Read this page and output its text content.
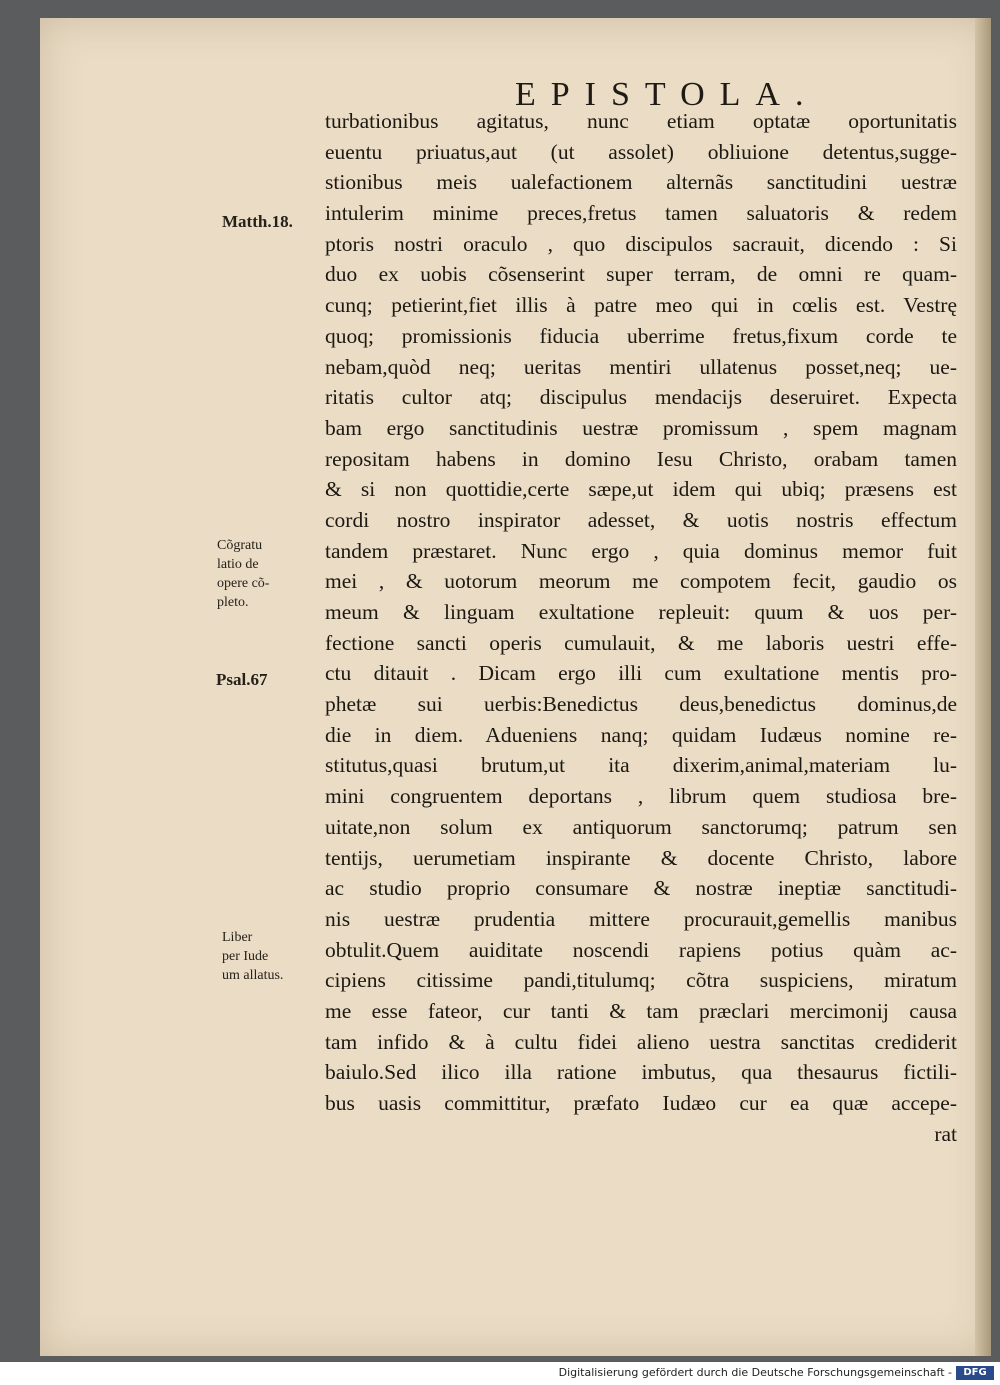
EPISTOLA.
turbationibus agitatus, nunc etiam optatæ oportunitatis
euentu priuatus,aut (ut assolet) obliuione detentus,sugge-
stionibus meis ualefactionem alternãs sanctitudini uestræ
intulerim minime preces,fretus tamen saluatoris & redem
ptoris nostri oraculo , quo discipulos sacrauit, dicendo : Si
duo ex uobis cõsenserint super terram, de omni re quam-
cunq; petierint,fiet illis à patre meo qui in cœlis est. Vestrę
quoq; promissionis fiducia uberrime fretus,fixum corde te
nebam,quòd neq; ueritas mentiri ullatenus posset,neq; ue-
ritatis cultor atq; discipulus mendacijs deseruiret. Expecta
bam ergo sanctitudinis uestræ promissum , spem magnam
repositam habens in domino Iesu Christo, orabam tamen
& si non quottidie,certe sæpe,ut idem qui ubiq; præsens est
cordi nostro inspirator adesset, & uotis nostris effectum
tandem præstaret. Nunc ergo , quia dominus memor fuit
mei , & uotorum meorum me compotem fecit, gaudio os
meum & linguam exultatione repleuit: quum & uos per-
fectione sancti operis cumulauit, & me laboris uestri effe-
ctu ditauit . Dicam ergo illi cum exultatione mentis pro-
phetæ sui uerbis:Benedictus deus,benedictus dominus,de
die in diem. Adueniens nanq; quidam Iudæus nomine re-
stitutus,quasi brutum,ut ita dixerim,animal,materiam lu-
mini congruentem deportans , librum quem studiosa bre-
uitate,non solum ex antiquorum sanctorumq; patrum sen
tentijs, uerumetiam inspirante & docente Christo, labore
ac studio proprio consumare & nostræ ineptiæ sanctitudi-
nis uestræ prudentia mittere procurauit,gemellis manibus
obtulit.Quem auiditate noscendi rapiens potius quàm ac-
cipiens citissime pandi,titulumq; cõtra suspiciens, miratum
me esse fateor, cur tanti & tam præclari mercimonij causa
tam infido & à cultu fidei alieno uestra sanctitas crediderit
baiulo.Sed ilico illa ratione imbutus, qua thesaurus fictili-
bus uasis committitur, præfato Iudæo cur ea quæ accepe-
rat
Matth.18.
Cõgratu
latio de
opere cõ-
pleto.
Psal.67
Liber
per Iude
um allatus.
Digitalisierung gefördert durch die Deutsche Forschungsgemeinschaft -	DFG
